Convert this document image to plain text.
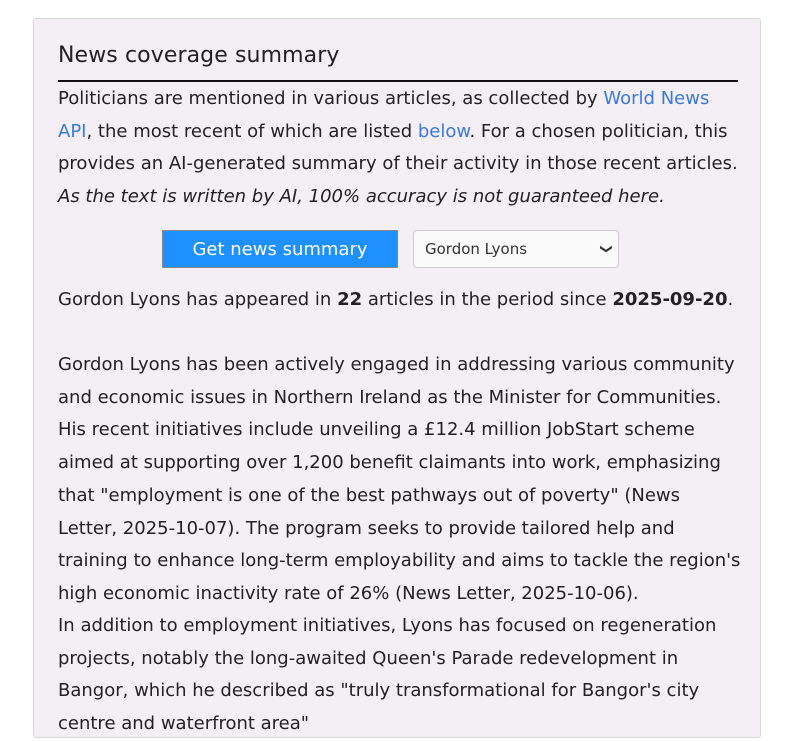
News coverage summary

Politicians are mentioned in various articles, as collected by World News API, the most recent of which are listed below. For a chosen politician, this provides an AI-generated summary of their activity in those recent articles. As the text is written by AI, 100% accuracy is not guaranteed here.

Get news summary	Gordon Lyons	❮

Gordon Lyons has appeared in 22 articles in the period since 2025-09-20.

Gordon Lyons has been actively engaged in addressing various community and economic issues in Northern Ireland as the Minister for Communities. His recent initiatives include unveiling a £12.4 million JobStart scheme aimed at supporting over 1,200 benefit claimants into work, emphasizing that "employment is one of the best pathways out of poverty" (News Letter, 2025-10-07). The program seeks to provide tailored help and training to enhance long-term employability and aims to tackle the region's high economic inactivity rate of 26% (News Letter, 2025-10-06).

In addition to employment initiatives, Lyons has focused on regeneration projects, notably the long-awaited Queen's Parade redevelopment in Bangor, which he described as "truly transformational for Bangor's city centre and waterfront area"
